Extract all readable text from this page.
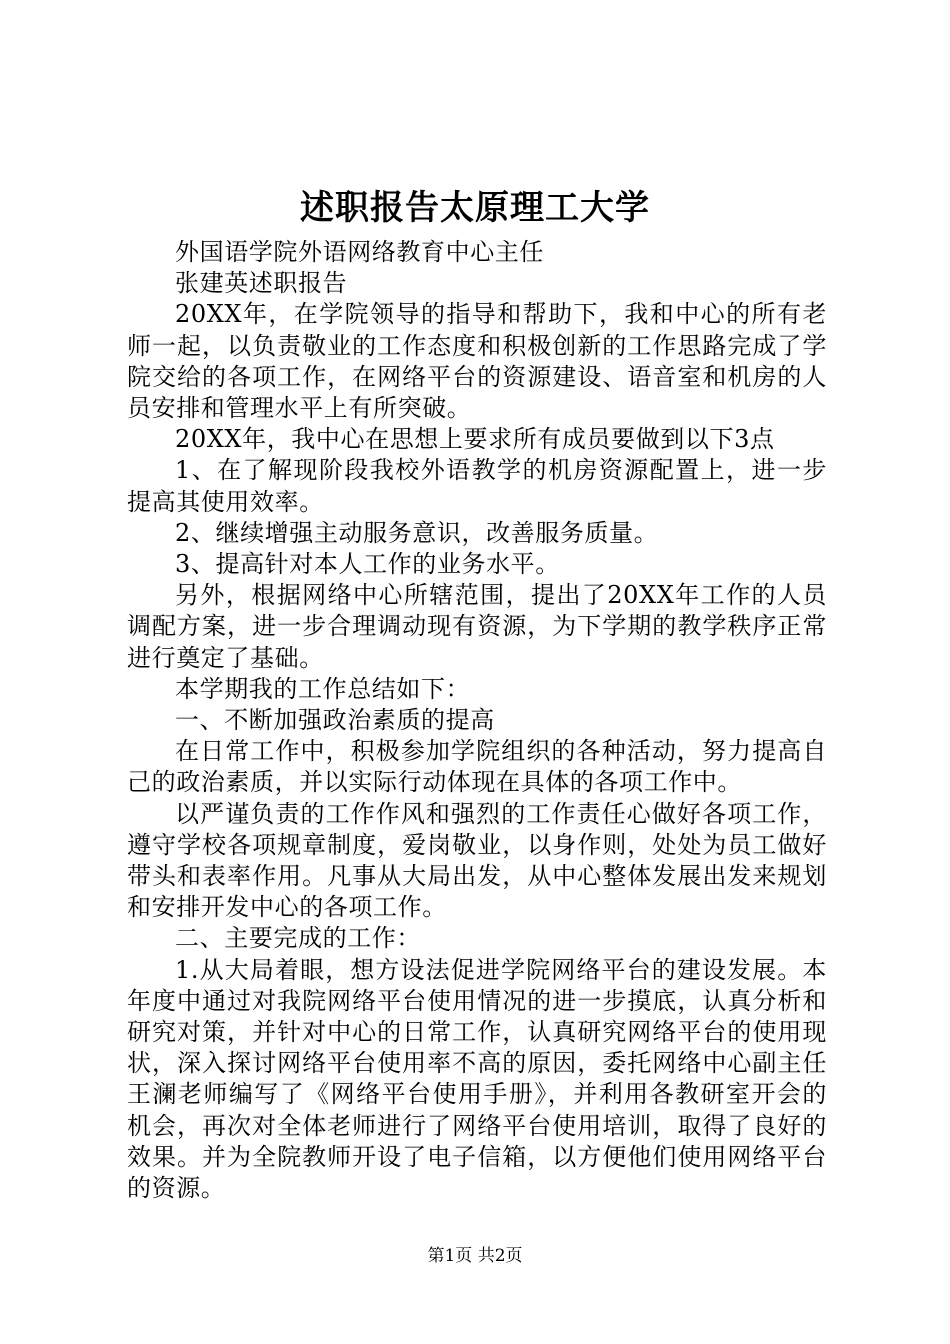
述职报告太原理工大学

外国语学院外语网络教育中心主任

张建英述职报告

20XX年，在学院领导的指导和帮助下，我和中心的所有老师一起，以负责敬业的工作态度和积极创新的工作思路完成了学院交给的各项工作，在网络平台的资源建设、语音室和机房的人员安排和管理水平上有所突破。

20XX年，我中心在思想上要求所有成员要做到以下3点

1、在了解现阶段我校外语教学的机房资源配置上，进一步提高其使用效率。

2、继续增强主动服务意识，改善服务质量。

3、提高针对本人工作的业务水平。

另外，根据网络中心所辖范围，提出了20XX年工作的人员调配方案，进一步合理调动现有资源，为下学期的教学秩序正常进行奠定了基础。

本学期我的工作总结如下：

一、不断加强政治素质的提高

在日常工作中，积极参加学院组织的各种活动，努力提高自己的政治素质，并以实际行动体现在具体的各项工作中。

以严谨负责的工作作风和强烈的工作责任心做好各项工作，遵守学校各项规章制度，爱岗敬业，以身作则，处处为员工做好带头和表率作用。凡事从大局出发，从中心整体发展出发来规划和安排开发中心的各项工作。

二、主要完成的工作：

1.从大局着眼，想方设法促进学院网络平台的建设发展。本年度中通过对我院网络平台使用情况的进一步摸底，认真分析和研究对策，并针对中心的日常工作，认真研究网络平台的使用现状，深入探讨网络平台使用率不高的原因，委托网络中心副主任王澜老师编写了《网络平台使用手册》，并利用各教研室开会的机会，再次对全体老师进行了网络平台使用培训，取得了良好的效果。并为全院教师开设了电子信箱，以方便他们使用网络平台的资源。

第1页 共2页
